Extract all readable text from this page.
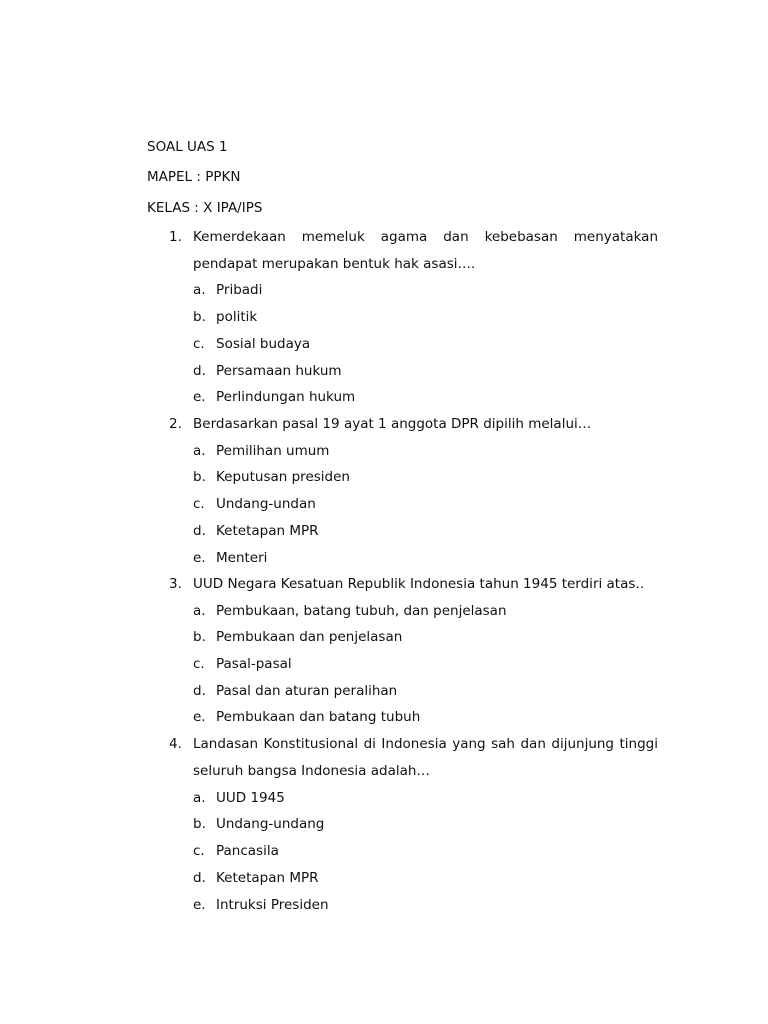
SOAL UAS 1
MAPEL : PPKN
KELAS : X IPA/IPS
1. Kemerdekaan memeluk agama dan kebebasan menyatakan pendapat merupakan bentuk hak asasi….
a. Pribadi
b. politik
c. Sosial budaya
d. Persamaan hukum
e. Perlindungan hukum
2. Berdasarkan pasal 19 ayat 1 anggota DPR dipilih melalui…
a. Pemilihan umum
b. Keputusan presiden
c. Undang-undan
d. Ketetapan MPR
e. Menteri
3. UUD Negara Kesatuan Republik Indonesia tahun 1945 terdiri atas..
a. Pembukaan, batang tubuh, dan penjelasan
b. Pembukaan dan penjelasan
c. Pasal-pasal
d. Pasal dan aturan peralihan
e. Pembukaan dan batang tubuh
4. Landasan Konstitusional di Indonesia yang sah dan dijunjung tinggi seluruh bangsa Indonesia adalah…
a. UUD 1945
b. Undang-undang
c. Pancasila
d. Ketetapan MPR
e. Intruksi Presiden
